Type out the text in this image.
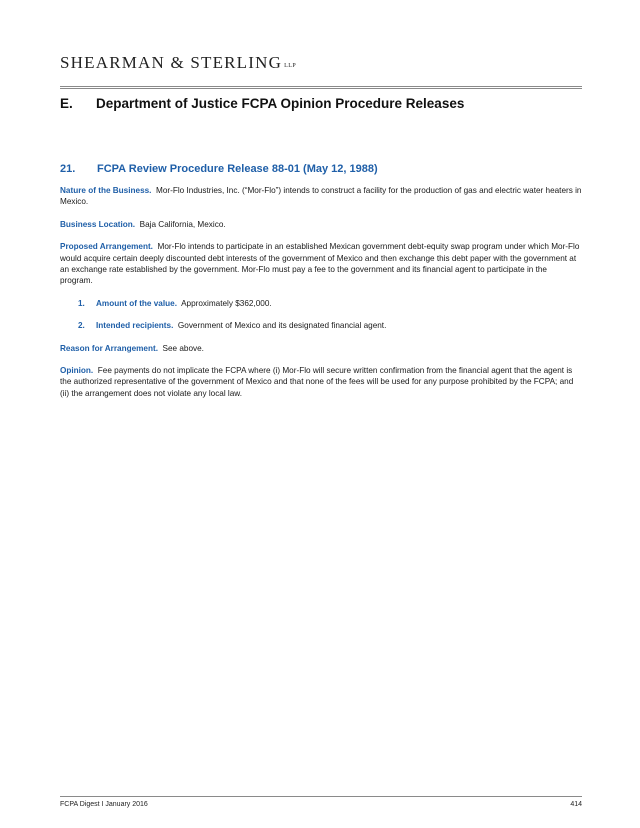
SHEARMAN & STERLING LLP
E.	Department of Justice FCPA Opinion Procedure Releases
21.	FCPA Review Procedure Release 88-01 (May 12, 1988)

Nature of the Business. Mor-Flo Industries, Inc. (“Mor-Flo”) intends to construct a facility for the production of gas and electric water heaters in Mexico.

Business Location. Baja California, Mexico.

Proposed Arrangement. Mor-Flo intends to participate in an established Mexican government debt-equity swap program under which Mor-Flo would acquire certain deeply discounted debt interests of the government of Mexico and then exchange this debt paper with the government at an exchange rate established by the government. Mor-Flo must pay a fee to the government and its financial agent to participate in the program.

1.	Amount of the value. Approximately $362,000.
2.	Intended recipients. Government of Mexico and its designated financial agent.

Reason for Arrangement. See above.

Opinion. Fee payments do not implicate the FCPA where (i) Mor-Flo will secure written confirmation from the financial agent that the agent is the authorized representative of the government of Mexico and that none of the fees will be used for any purpose prohibited by the FCPA; and (ii) the arrangement does not violate any local law.

FCPA Digest I January 2016	414
